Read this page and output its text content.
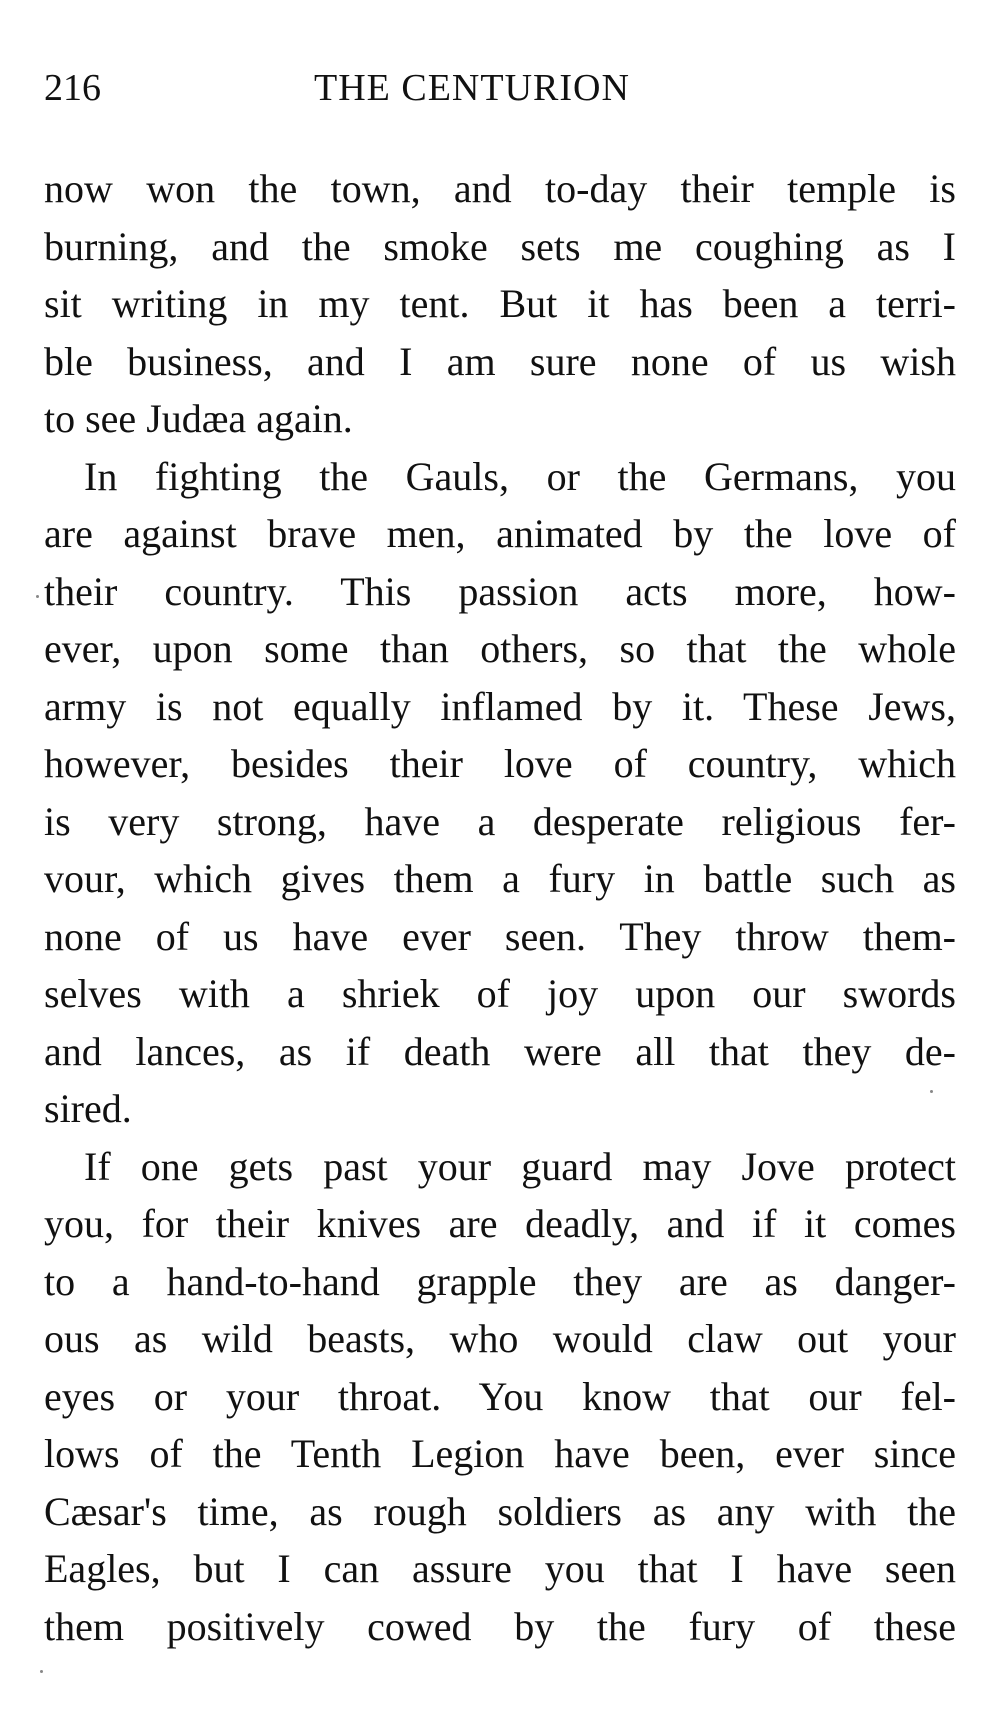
216	THE CENTURION
now won the town, and to-day their temple is
burning, and the smoke sets me coughing as I
sit writing in my tent. But it has been a terri-
ble business, and I am sure none of us wish
to see Judæa again.
In fighting the Gauls, or the Germans, you
are against brave men, animated by the love of
their country. This passion acts more, how-
ever, upon some than others, so that the whole
army is not equally inflamed by it. These Jews,
however, besides their love of country, which
is very strong, have a desperate religious fer-
vour, which gives them a fury in battle such as
none of us have ever seen. They throw them-
selves with a shriek of joy upon our swords
and lances, as if death were all that they de-
sired.
If one gets past your guard may Jove protect
you, for their knives are deadly, and if it comes
to a hand-to-hand grapple they are as danger-
ous as wild beasts, who would claw out your
eyes or your throat. You know that our fel-
lows of the Tenth Legion have been, ever since
Cæsar's time, as rough soldiers as any with the
Eagles, but I can assure you that I have seen
them positively cowed by the fury of these
